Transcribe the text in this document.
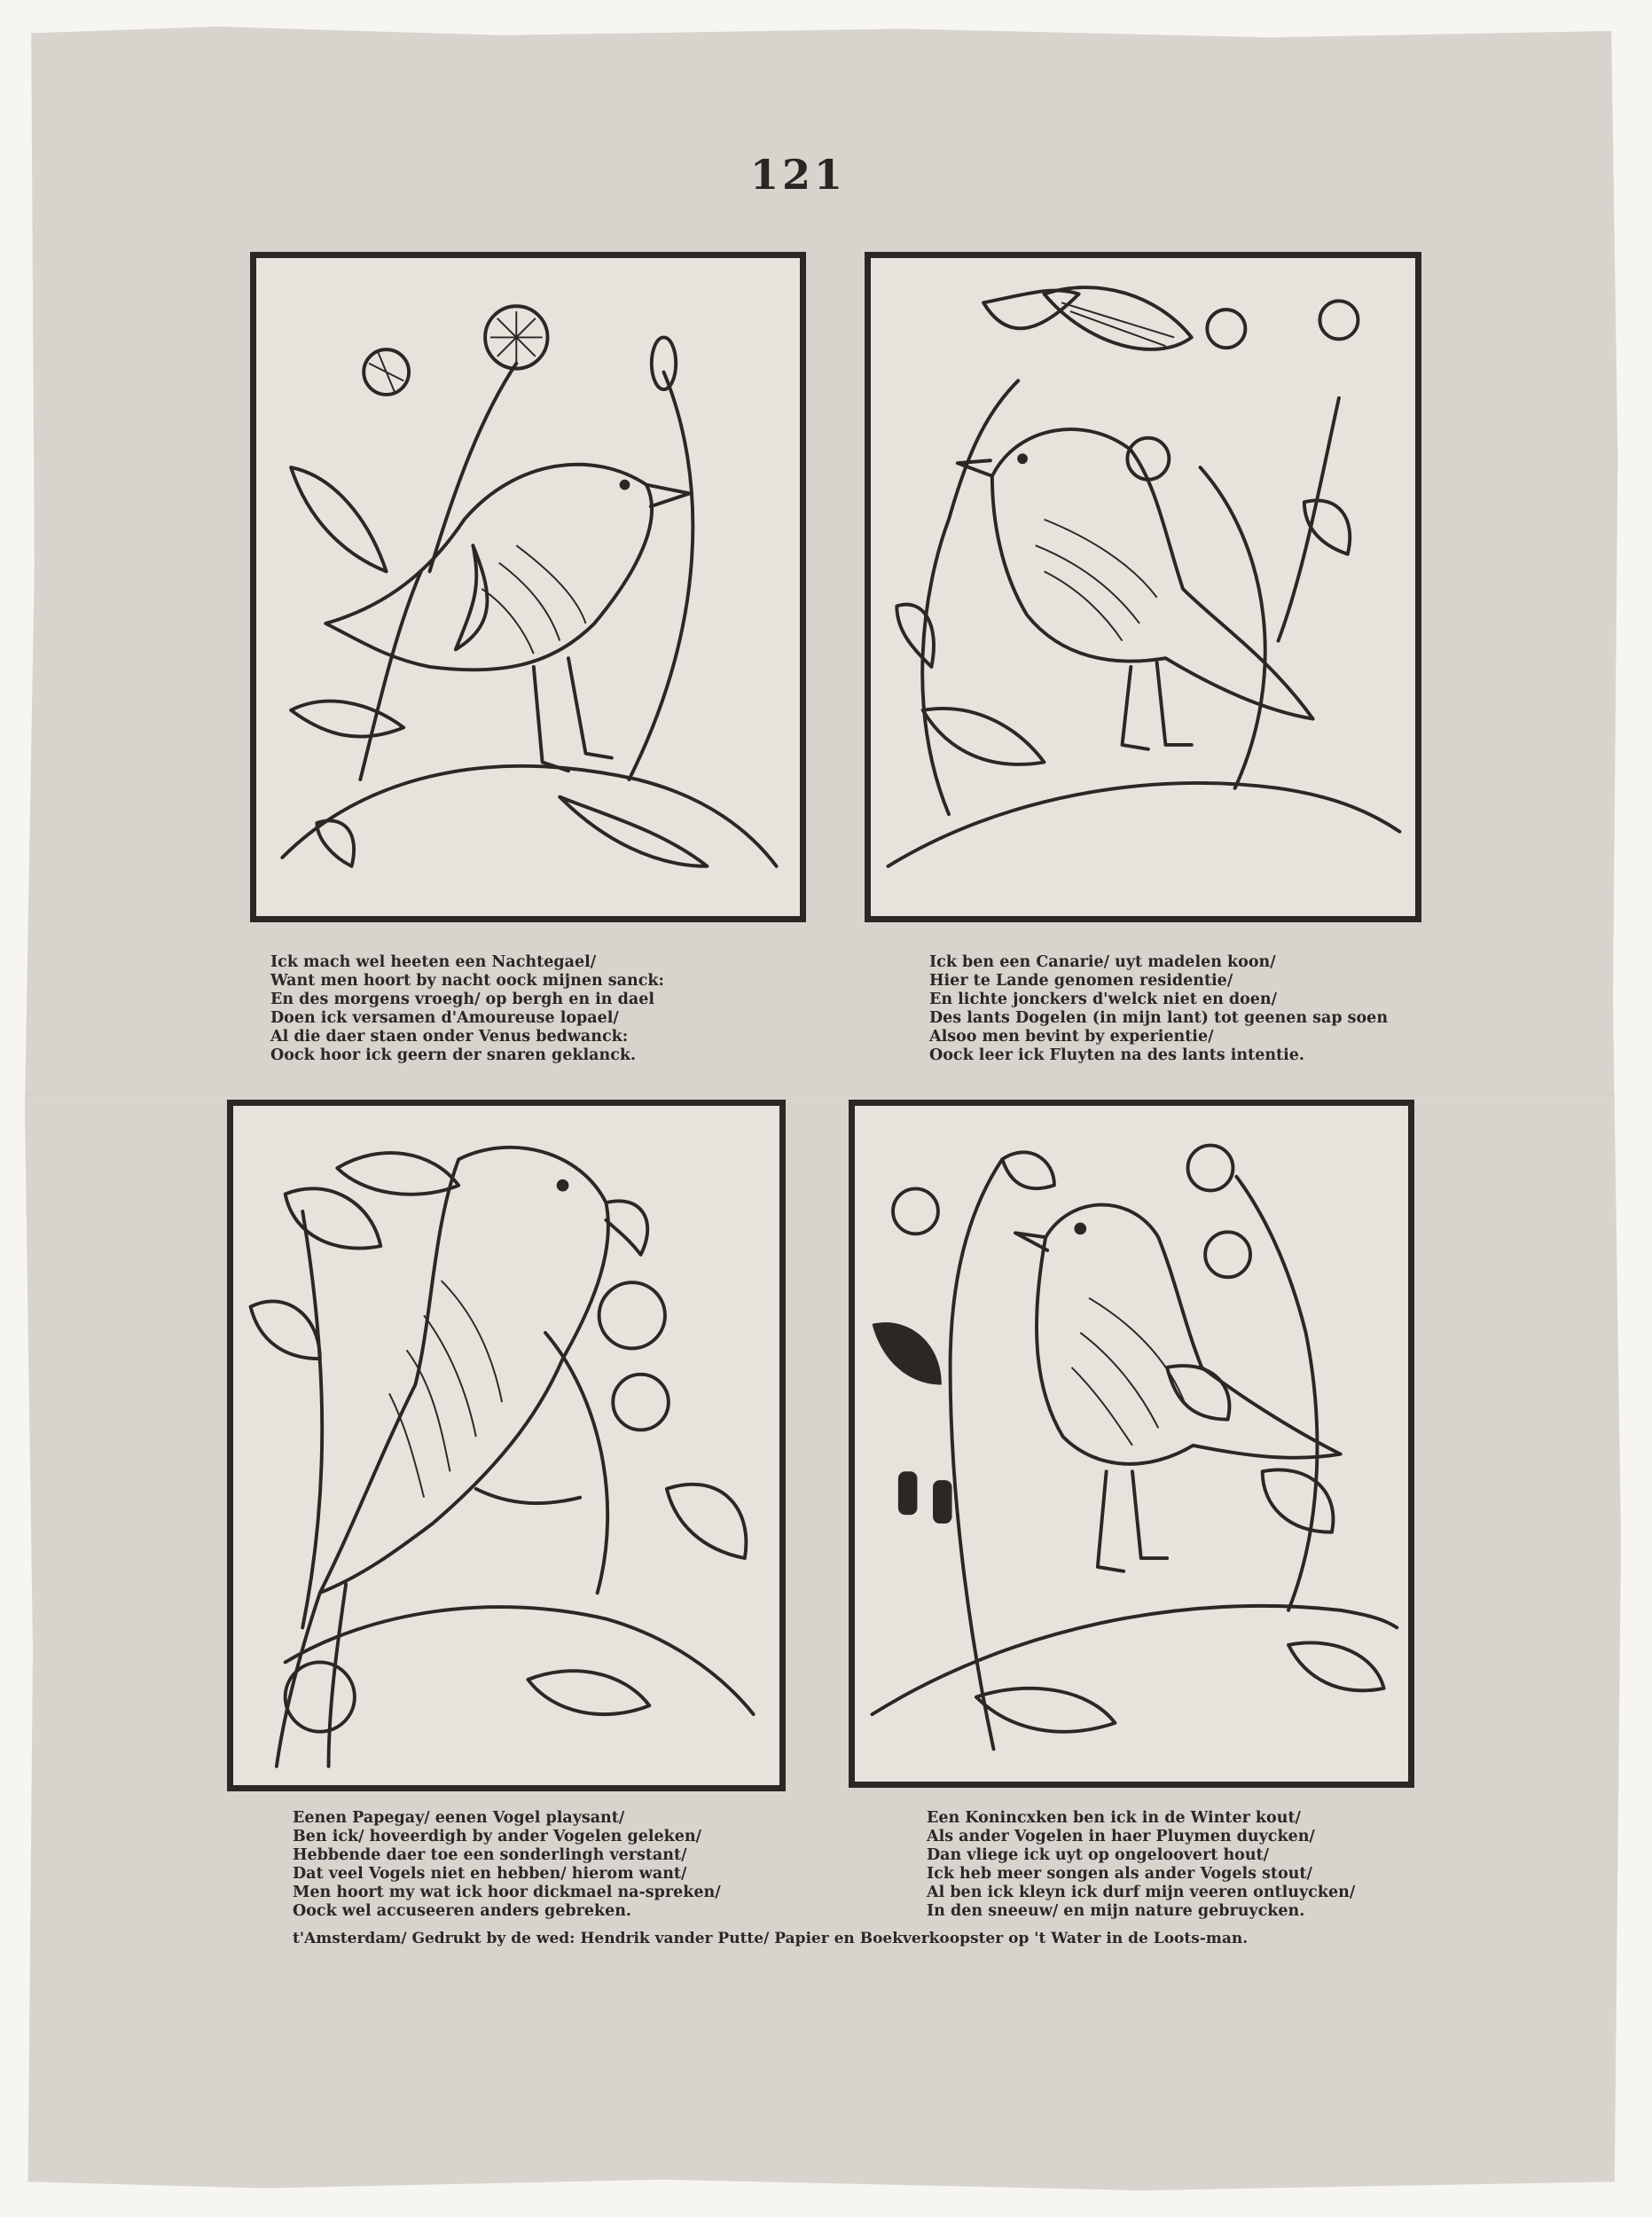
121
Ick mach wel heeten een Nachtegael/
Want men hoort by nacht oock mijnen sanck:
En des morgens vroegh/ op bergh en in dael
Doen ick versamen d'Amoureuse lopael/
Al die daer staen onder Venus bedwanck:
Oock hoor ick geern der snaren geklanck.
Ick ben een Canarie/ uyt madelen koon/
Hier te Lande genomen residentie/
En lichte jonckers d'welck niet en doen/
Des lants Dogelen (in mijn lant) tot geenen sap soen
Alsoo men bevint by experientie/
Oock leer ick Fluyten na des lants intentie.
Eenen Papegay/ eenen Vogel playsant/
Ben ick/ hoveerdigh by ander Vogelen geleken/
Hebbende daer toe een sonderlingh verstant/
Dat veel Vogels niet en hebben/ hierom want/
Men hoort my wat ick hoor dickmael na-spreken/
Oock wel accuseeren anders gebreken.
Een Konincxken ben ick in de Winter kout/
Als ander Vogelen in haer Pluymen duycken/
Dan vliege ick uyt op ongeloovert hout/
Ick heb meer songen als ander Vogels stout/
Al ben ick kleyn ick durf mijn veeren ontluycken/
In den sneeuw/ en mijn nature gebruycken.
t'Amsterdam/ Gedrukt by de wed: Hendrik vander Putte/ Papier en Boekverkoopster op 't Water in de Loots-man.
